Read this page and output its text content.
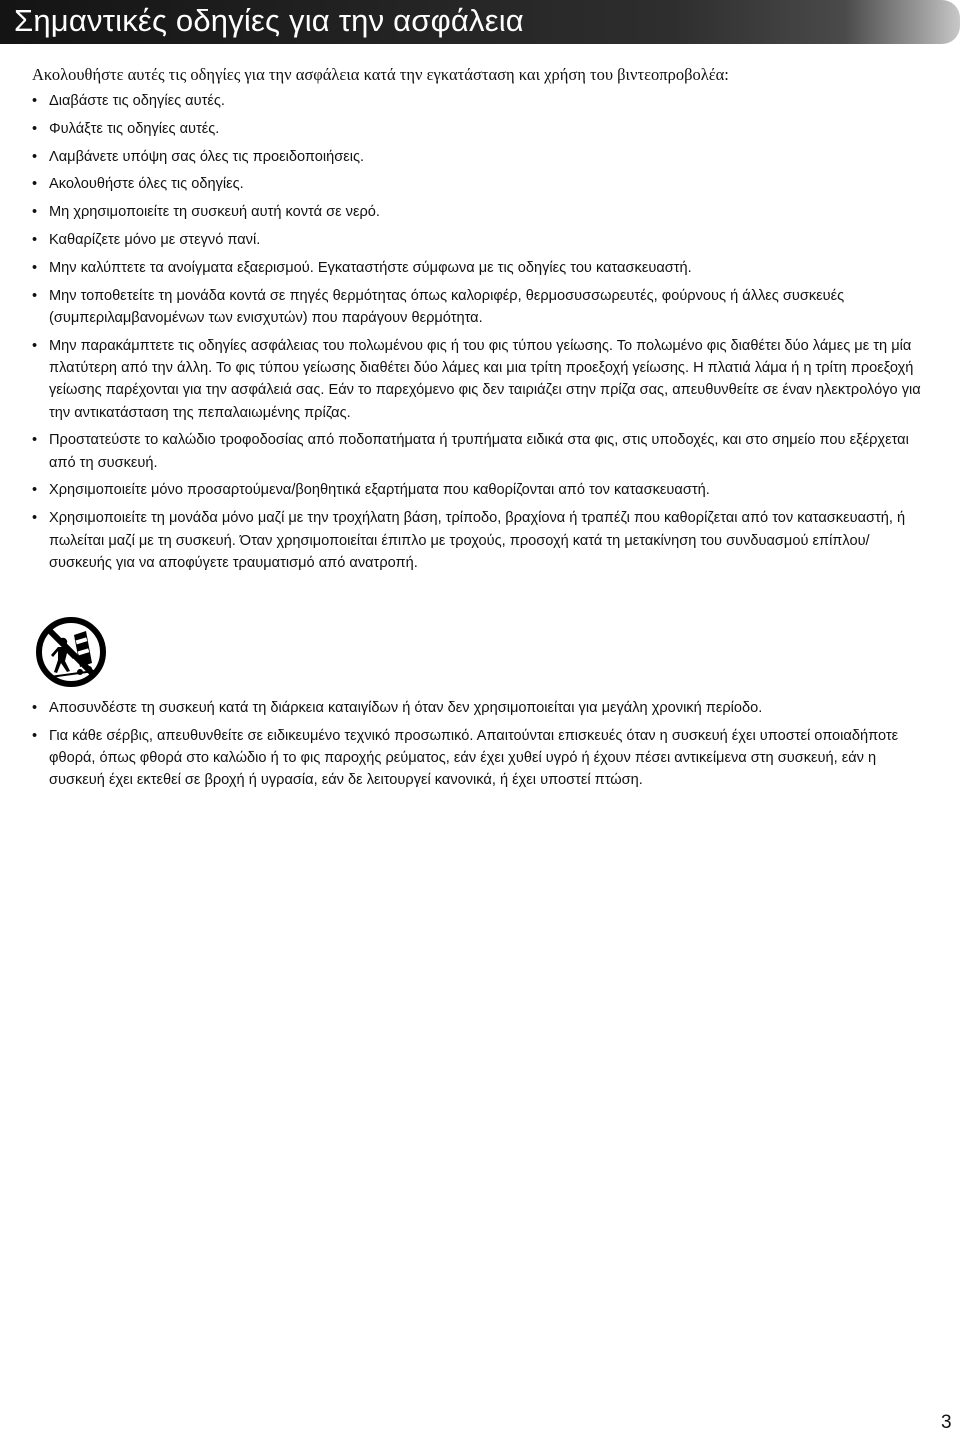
Σημαντικές οδηγίες για την ασφάλεια

Ακολουθήστε αυτές τις οδηγίες για την ασφάλεια κατά την εγκατάσταση και χρήση του βιντεοπροβολέα:

• Διαβάστε τις οδηγίες αυτές.
• Φυλάξτε τις οδηγίες αυτές.
• Λαμβάνετε υπόψη σας όλες τις προειδοποιήσεις.
• Ακολουθήστε όλες τις οδηγίες.
• Μη χρησιμοποιείτε τη συσκευή αυτή κοντά σε νερό.
• Καθαρίζετε μόνο με στεγνό πανί.
• Μην καλύπτετε τα ανοίγματα εξαερισμού. Εγκαταστήστε σύμφωνα με τις οδηγίες του κατασκευαστή.
• Μην τοποθετείτε τη μονάδα κοντά σε πηγές θερμότητας όπως καλοριφέρ, θερμοσυσσωρευτές, φούρνους ή άλλες συσκευές (συμπεριλαμβανομένων των ενισχυτών) που παράγουν θερμότητα.
• Μην παρακάμπτετε τις οδηγίες ασφάλειας του πολωμένου φις ή του φις τύπου γείωσης. Το πολωμένο φις διαθέτει δύο λάμες με τη μία πλατύτερη από την άλλη. Το φις τύπου γείωσης διαθέτει δύο λάμες και μια τρίτη προεξοχή γείωσης. Η πλατιά λάμα ή η τρίτη προεξοχή γείωσης παρέχονται για την ασφάλειά σας. Εάν το παρεχόμενο φις δεν ταιριάζει στην πρίζα σας, απευθυνθείτε σε έναν ηλεκτρολόγο για την αντικατάσταση της πεπαλαιωμένης πρίζας.
• Προστατεύστε το καλώδιο τροφοδοσίας από ποδοπατήματα ή τρυπήματα ειδικά στα φις, στις υποδοχές, και στο σημείο που εξέρχεται από τη συσκευή.
• Χρησιμοποιείτε μόνο προσαρτούμενα/βοηθητικά εξαρτήματα που καθορίζονται από τον κατασκευαστή.
• Χρησιμοποιείτε τη μονάδα μόνο μαζί με την τροχήλατη βάση, τρίποδο, βραχίονα ή τραπέζι που καθορίζεται από τον κατασκευαστή, ή πωλείται μαζί με τη συσκευή. Όταν χρησιμοποιείται έπιπλο με τροχούς, προσοχή κατά τη μετακίνηση του συνδυασμού επίπλου/συσκευής για να αποφύγετε τραυματισμό από ανατροπή.
• Αποσυνδέστε τη συσκευή κατά τη διάρκεια καταιγίδων ή όταν δεν χρησιμοποιείται για μεγάλη χρονική περίοδο.
• Για κάθε σέρβις, απευθυνθείτε σε ειδικευμένο τεχνικό προσωπικό. Απαιτούνται επισκευές όταν η συσκευή έχει υποστεί οποιαδήποτε φθορά, όπως φθορά στο καλώδιο ή το φις παροχής ρεύματος, εάν έχει χυθεί υγρό ή έχουν πέσει αντικείμενα στη συσκευή, εάν η συσκευή έχει εκτεθεί σε βροχή ή υγρασία, εάν δε λειτουργεί κανονικά, ή έχει υποστεί πτώση.
3
